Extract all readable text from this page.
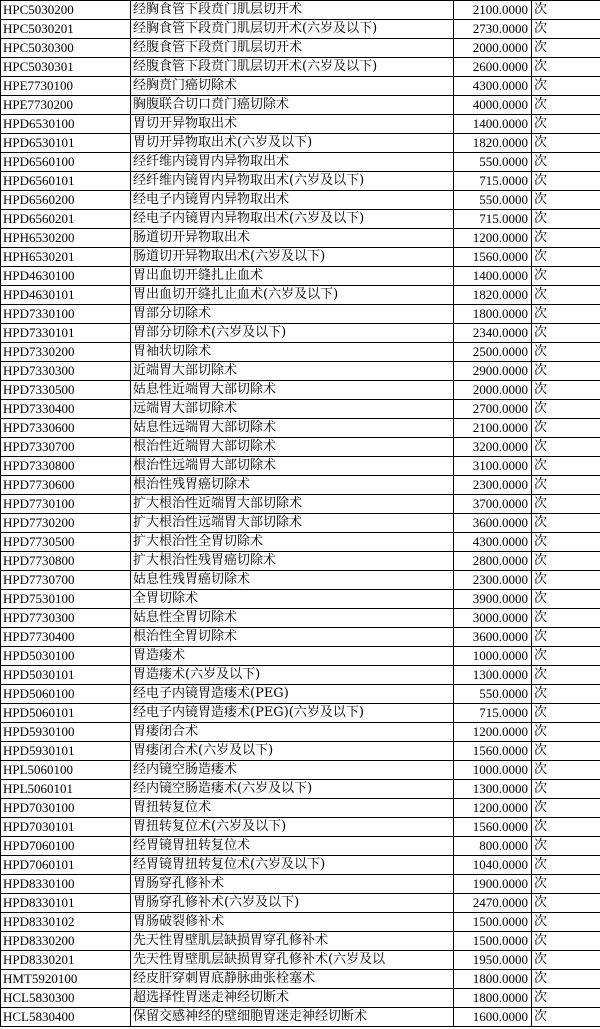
HPC5030200	经胸食管下段贲门肌层切开术	2100.0000	次
HPC5030201	经胸食管下段贲门肌层切开术(六岁及以下)	2730.0000	次
HPC5030300	经腹食管下段贲门肌层切开术	2000.0000	次
HPC5030301	经腹食管下段贲门肌层切开术(六岁及以下)	2600.0000	次
HPE7730100	经胸贲门癌切除术	4300.0000	次
HPE7730200	胸腹联合切口贲门癌切除术	4000.0000	次
HPD6530100	胃切开异物取出术	1400.0000	次
HPD6530101	胃切开异物取出术(六岁及以下)	1820.0000	次
HPD6560100	经纤维内镜胃内异物取出术	550.0000	次
HPD6560101	经纤维内镜胃内异物取出术(六岁及以下)	715.0000	次
HPD6560200	经电子内镜胃内异物取出术	550.0000	次
HPD6560201	经电子内镜胃内异物取出术(六岁及以下)	715.0000	次
HPH6530200	肠道切开异物取出术	1200.0000	次
HPH6530201	肠道切开异物取出术(六岁及以下)	1560.0000	次
HPD4630100	胃出血切开缝扎止血术	1400.0000	次
HPD4630101	胃出血切开缝扎止血术(六岁及以下)	1820.0000	次
HPD7330100	胃部分切除术	1800.0000	次
HPD7330101	胃部分切除术(六岁及以下)	2340.0000	次
HPD7330200	胃袖状切除术	2500.0000	次
HPD7330300	近端胃大部切除术	2900.0000	次
HPD7330500	姑息性近端胃大部切除术	2000.0000	次
HPD7330400	远端胃大部切除术	2700.0000	次
HPD7330600	姑息性远端胃大部切除术	2100.0000	次
HPD7330700	根治性近端胃大部切除术	3200.0000	次
HPD7330800	根治性远端胃大部切除术	3100.0000	次
HPD7730600	根治性残胃癌切除术	2300.0000	次
HPD7730100	扩大根治性近端胃大部切除术	3700.0000	次
HPD7730200	扩大根治性远端胃大部切除术	3600.0000	次
HPD7730500	扩大根治性全胃切除术	4300.0000	次
HPD7730800	扩大根治性残胃癌切除术	2800.0000	次
HPD7730700	姑息性残胃癌切除术	2300.0000	次
HPD7530100	全胃切除术	3900.0000	次
HPD7730300	姑息性全胃切除术	3000.0000	次
HPD7730400	根治性全胃切除术	3600.0000	次
HPD5030100	胃造瘘术	1000.0000	次
HPD5030101	胃造瘘术(六岁及以下)	1300.0000	次
HPD5060100	经电子内镜胃造瘘术(PEG)	550.0000	次
HPD5060101	经电子内镜胃造瘘术(PEG)(六岁及以下)	715.0000	次
HPD5930100	胃瘘闭合术	1200.0000	次
HPD5930101	胃瘘闭合术(六岁及以下)	1560.0000	次
HPL5060100	经内镜空肠造瘘术	1000.0000	次
HPL5060101	经内镜空肠造瘘术(六岁及以下)	1300.0000	次
HPD7030100	胃扭转复位术	1200.0000	次
HPD7030101	胃扭转复位术(六岁及以下)	1560.0000	次
HPD7060100	经胃镜胃扭转复位术	800.0000	次
HPD7060101	经胃镜胃扭转复位术(六岁及以下)	1040.0000	次
HPD8330100	胃肠穿孔修补术	1900.0000	次
HPD8330101	胃肠穿孔修补术(六岁及以下)	2470.0000	次
HPD8330102	胃肠破裂修补术	1500.0000	次
HPD8330200	先天性胃壁肌层缺损胃穿孔修补术	1500.0000	次
HPD8330201	先天性胃壁肌层缺损胃穿孔修补术(六岁及以	1950.0000	次
HMT5920100	经皮肝穿刺胃底静脉曲张栓塞术	1800.0000	次
HCL5830300	超选择性胃迷走神经切断术	1800.0000	次
HCL5830400	保留交感神经的壁细胞胃迷走神经切断术	1600.0000	次
